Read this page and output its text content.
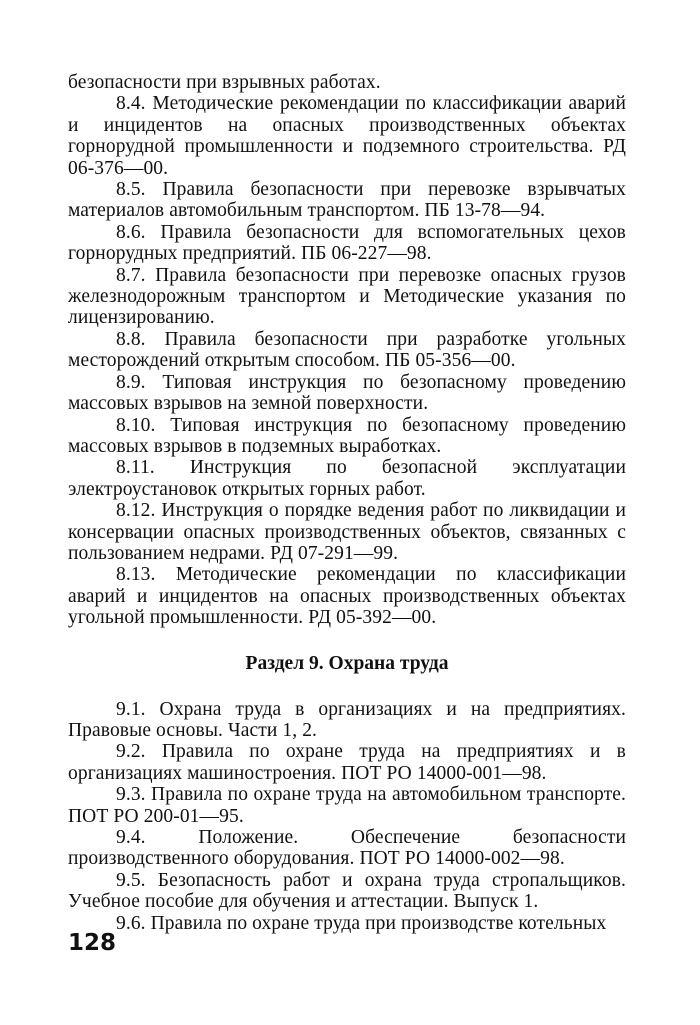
безопасности при взрывных работах.

8.4. Методические рекомендации по классификации аварий и инцидентов на опасных производственных объектах горнорудной промышленности и подземного строительства. РД 06-376—00.

8.5. Правила безопасности при перевозке взрывчатых материалов автомобильным транспортом. ПБ 13-78—94.

8.6. Правила безопасности для вспомогательных цехов горнорудных предприятий. ПБ 06-227—98.

8.7. Правила безопасности при перевозке опасных грузов железнодорожным транспортом и Методические указания по лицензированию.

8.8. Правила безопасности при разработке угольных месторождений открытым способом. ПБ 05-356—00.

8.9. Типовая инструкция по безопасному проведению массовых взрывов на земной поверхности.

8.10. Типовая инструкция по безопасному проведению массовых взрывов в подземных выработках.

8.11. Инструкция по безопасной эксплуатации электроустановок открытых горных работ.

8.12. Инструкция о порядке ведения работ по ликвидации и консервации опасных производственных объектов, связанных с пользованием недрами. РД 07-291—99.

8.13. Методические рекомендации по классификации аварий и инцидентов на опасных производственных объектах угольной промышленности. РД 05-392—00.

Раздел 9. Охрана труда

9.1. Охрана труда в организациях и на предприятиях. Правовые основы. Части 1, 2.

9.2. Правила по охране труда на предприятиях и в организациях машиностроения. ПОТ РО 14000-001—98.

9.3. Правила по охране труда на автомобильном транспорте. ПОТ РО 200-01—95.

9.4. Положение. Обеспечение безопасности производственного оборудования. ПОТ РО 14000-002—98.

9.5. Безопасность работ и охрана труда стропальщиков. Учебное пособие для обучения и аттестации. Выпуск 1.

9.6. Правила по охране труда при производстве котельных

128
